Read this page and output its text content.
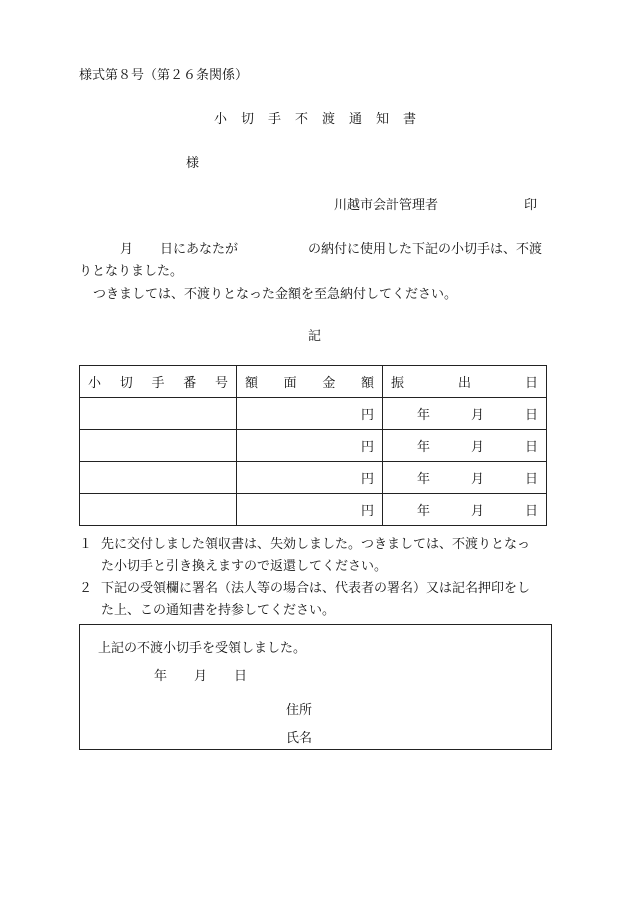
様式第８号（第２６条関係）
小切手不渡通知書
様
川越市会計管理者	印
月 日にあなたが	の納付に使用した下記の小切手は、不渡
りとなりました。
つきましては、不渡りとなった金額を至急納付してください。
記
小 切 手 番 号	額 面 金 額	振 出 日

	円	年 月 日

	円	年 月 日

	円	年 月 日

	円	年 月 日
１ 先に交付しました領収書は、失効しました。つきましては、不渡りとなっ
た小切手と引き換えますので返還してください。
２ 下記の受領欄に署名（法人等の場合は、代表者の署名）又は記名押印をし
た上、この通知書を持参してください。
上記の不渡小切手を受領しました。
年 月 日
住所
氏名
